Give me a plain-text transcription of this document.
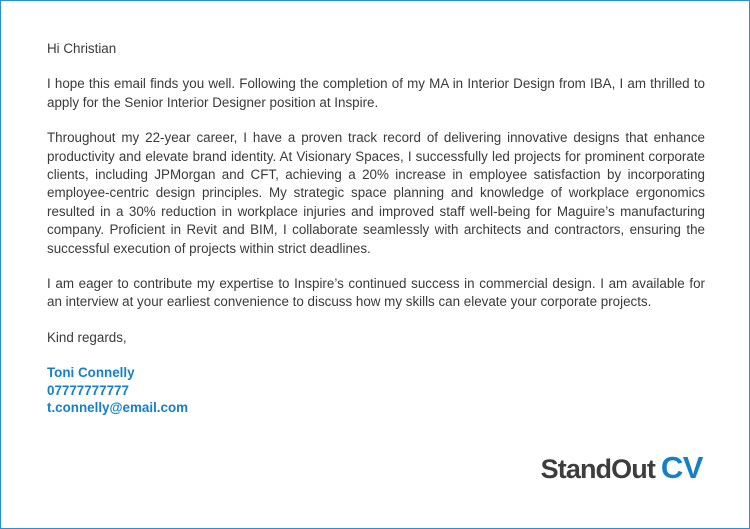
Hi Christian

I hope this email finds you well. Following the completion of my MA in Interior Design from IBA, I am thrilled to apply for the Senior Interior Designer position at Inspire.

Throughout my 22-year career, I have a proven track record of delivering innovative designs that enhance productivity and elevate brand identity. At Visionary Spaces, I successfully led projects for prominent corporate clients, including JPMorgan and CFT, achieving a 20% increase in employee satisfaction by incorporating employee-centric design principles. My strategic space planning and knowledge of workplace ergonomics resulted in a 30% reduction in workplace injuries and improved staff well-being for Maguire’s manufacturing company. Proficient in Revit and BIM, I collaborate seamlessly with architects and contractors, ensuring the successful execution of projects within strict deadlines.

I am eager to contribute my expertise to Inspire’s continued success in commercial design. I am available for an interview at your earliest convenience to discuss how my skills can elevate your corporate projects.

Kind regards,

Toni Connelly
07777777777
t.connelly@email.com
StandOut CV
